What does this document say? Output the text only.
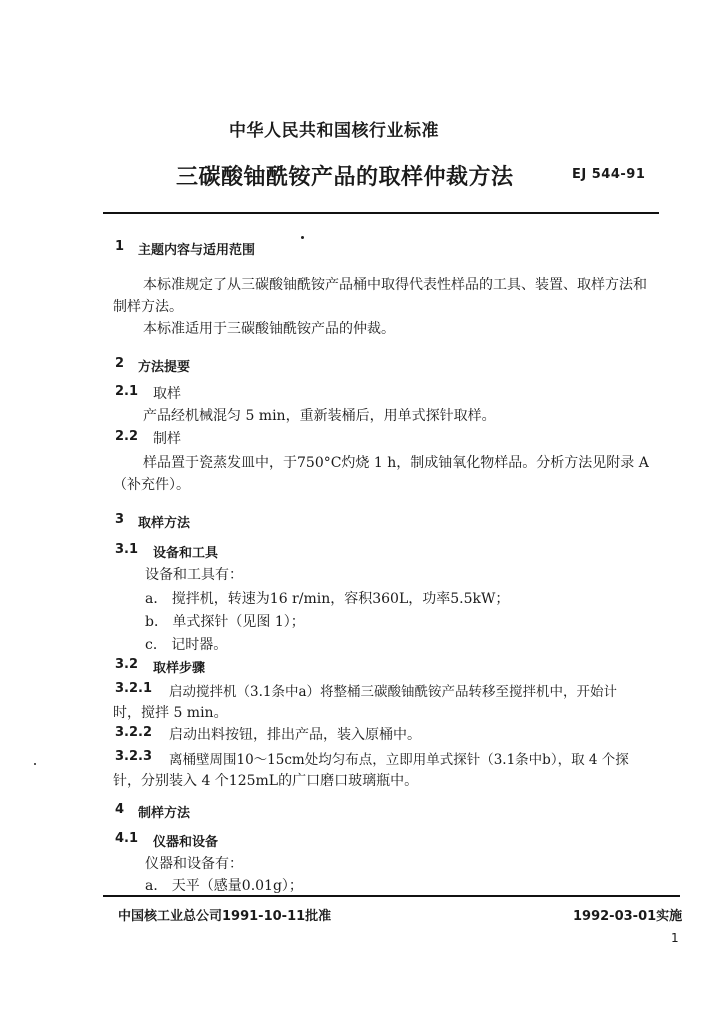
中华人民共和国核行业标准
三碳酸铀酰铵产品的取样仲裁方法	EJ 544-91
1 主题内容与适用范围
本标准规定了从三碳酸铀酰铵产品桶中取得代表性样品的工具、装置、取样方法和
制样方法。
本标准适用于三碳酸铀酰铵产品的仲裁。
2 方法提要
2.1 取样
产品经机械混匀 5 min，重新装桶后，用单式探针取样。
2.2 制样
样品置于瓷蒸发皿中，于750°C灼烧 1 h，制成铀氧化物样品。分析方法见附录 A
（补充件）。
3 取样方法
3.1 设备和工具
设备和工具有：
a． 搅拌机，转速为16 r/min，容积360L，功率5.5kW；
b． 单式探针（见图 1）；
c． 记时器。
3.2 取样步骤
3.2.1 启动搅拌机（3.1条中a）将整桶三碳酸铀酰铵产品转移至搅拌机中，开始计
时，搅拌 5 min。
3.2.2 启动出料按钮，排出产品，装入原桶中。
3.2.3 离桶壁周围10～15cm处均匀布点，立即用单式探针（3.1条中b），取 4 个探
针，分别装入 4 个125mL的广口磨口玻璃瓶中。
4 制样方法
4.1 仪器和设备
仪器和设备有：
a． 天平（感量0.01g）；
中国核工业总公司1991-10-11批准	1992-03-01实施
1
